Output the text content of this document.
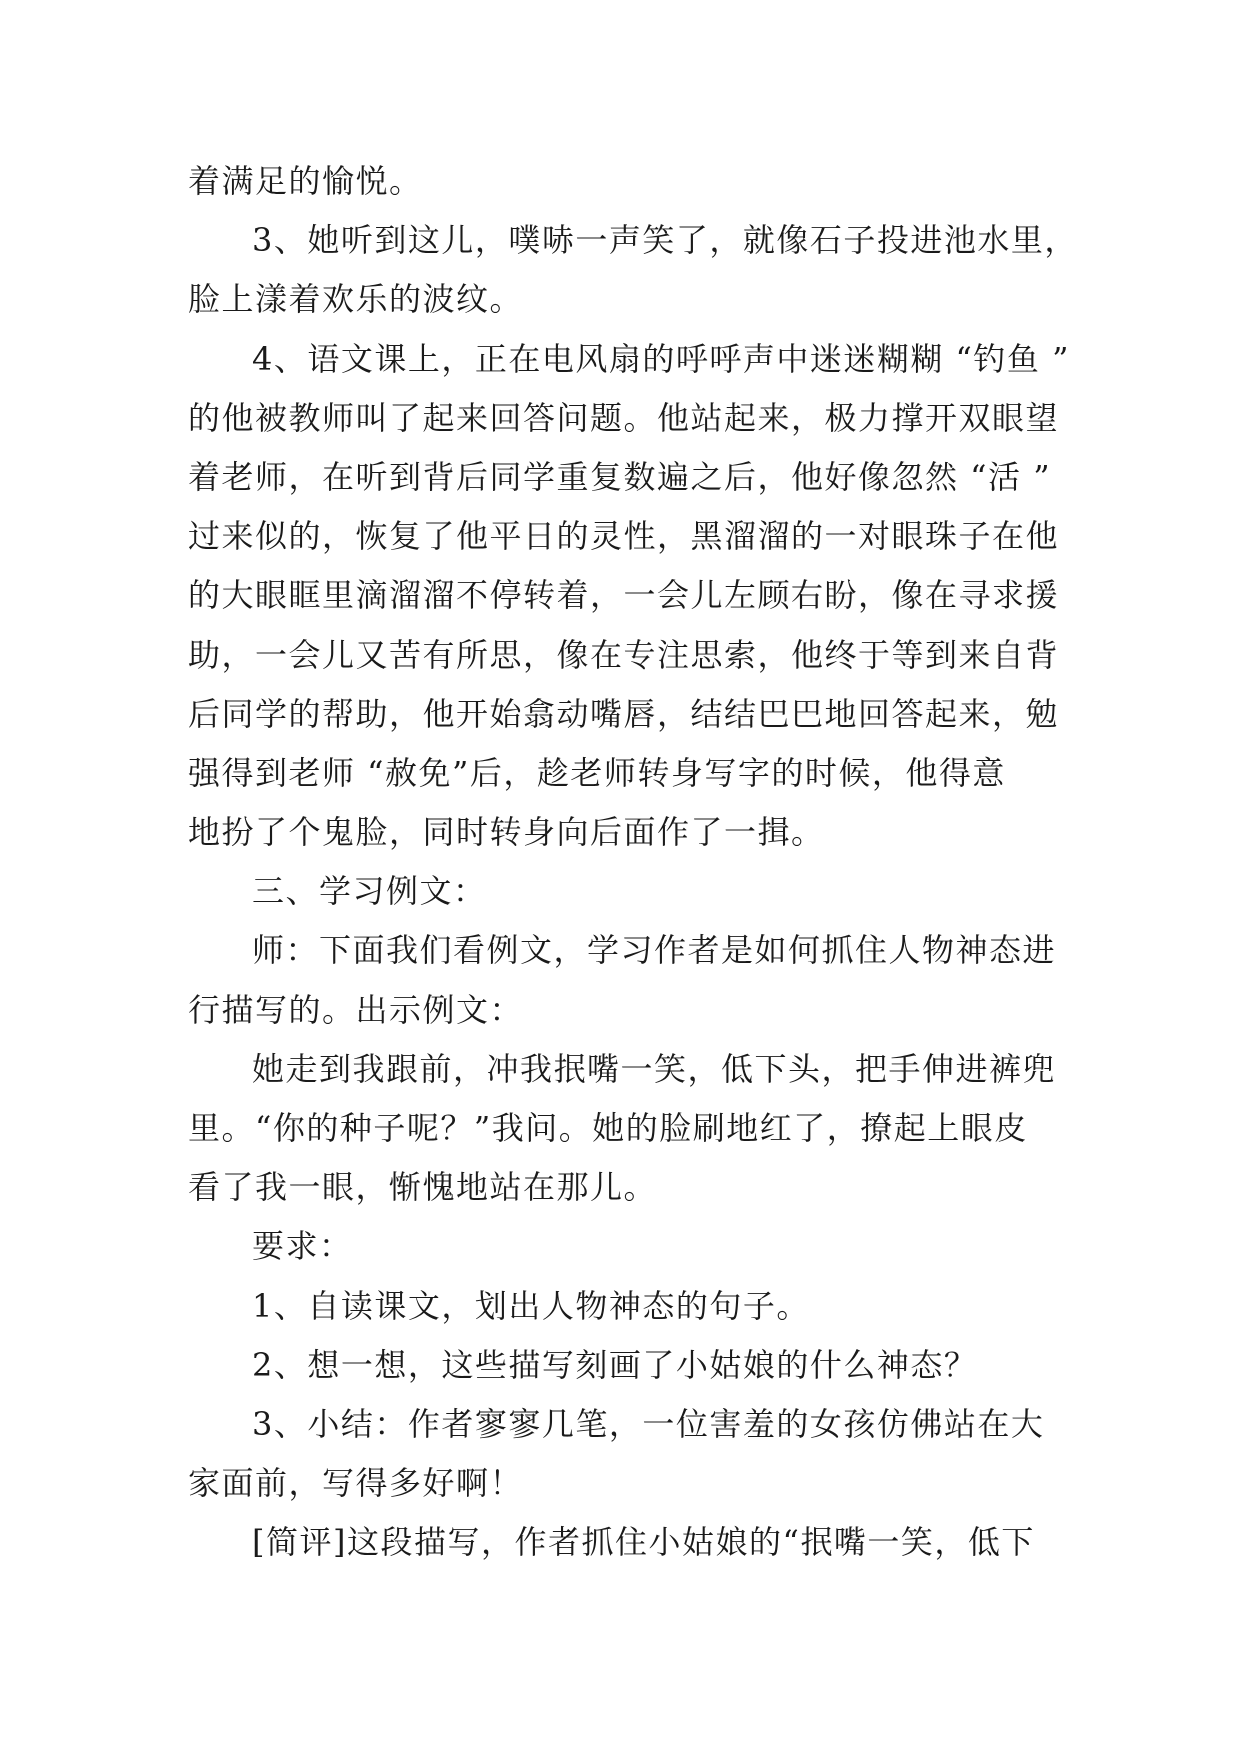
着满足的愉悦。
3、她听到这儿，噗哧一声笑了，就像石子投进池水里，
脸上漾着欢乐的波纹。
4、语文课上，正在电风扇的呼呼声中迷迷糊糊 “钓鱼 ”
的他被教师叫了起来回答问题。他站起来，极力撑开双眼望
着老师，在听到背后同学重复数遍之后，他好像忽然 “活 ”
过来似的，恢复了他平日的灵性，黑溜溜的一对眼珠子在他
的大眼眶里滴溜溜不停转着，一会儿左顾右盼，像在寻求援
助，一会儿又苦有所思，像在专注思索，他终于等到来自背
后同学的帮助，他开始翕动嘴唇，结结巴巴地回答起来，勉
强得到老师 “赦免”后，趁老师转身写字的时候，他得意
地扮了个鬼脸，同时转身向后面作了一揖。
三、学习例文：
师：下面我们看例文，学习作者是如何抓住人物神态进
行描写的。出示例文：
她走到我跟前，冲我抿嘴一笑，低下头，把手伸进裤兜
里。“你的种子呢？”我问。她的脸刷地红了，撩起上眼皮
看了我一眼，惭愧地站在那儿。
要求：
1、自读课文，划出人物神态的句子。
2、想一想，这些描写刻画了小姑娘的什么神态？
3、小结：作者寥寥几笔，一位害羞的女孩仿佛站在大
家面前，写得多好啊！
[简评]这段描写，作者抓住小姑娘的“抿嘴一笑，低下
